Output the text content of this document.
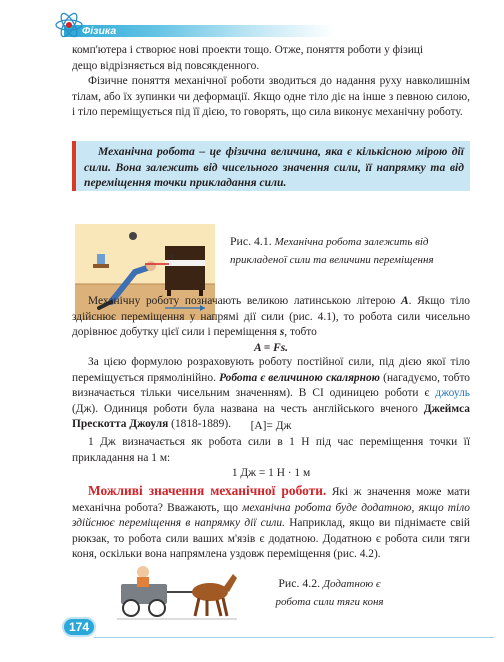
Фізика

комп'ютера і створює нові проекти тощо. Отже, поняття роботи у фізиці

дещо відрізняється від повсякденного.

Фізичне поняття механічної роботи зводиться до надання руху навколишнім тілам, або їх зупинки чи деформації. Якщо одне тіло діє на інше з певною силою, і тіло переміщується під її дією, то говорять, що сила виконує механічну роботу.

Механічна робота – це фізична величина, яка є кількісною мірою дії сили. Вона залежить від чисельного значення сили, її напрямку та від переміщення точки прикладання сили.
F
Рис. 4.1. Механічна робота залежить від прикладеної сили та величини переміщення

Механічну роботу позначають великою латинською літерою A. Якщо тіло здійснює переміщення у напрямі дії сили (рис. 4.1), то робота сили чисельно дорівнює добутку цієї сили і переміщення s, тобто

A = Fs.

За цією формулою розраховують роботу постійної сили, під дією якої тіло переміщується прямолінійно. Робота є величиною скалярною (нагадуємо, тобто визначається тільки чисельним значенням). В СІ одиницею роботи є джоуль (Дж). Одиниця роботи була названа на честь англійського вченого Джеймса Прескотта Джоуля (1818-1889).	[A]= Дж

1 Дж визначається як робота сили в 1 Н під час переміщення точки її прикладання на 1 м:

1 Дж = 1 Н · 1 м

Можливі значення механічної роботи. Які ж значення може мати механічна робота? Вважають, що механічна робота буде додатною, якщо тіло здійснює переміщення в напрямку дії сили. Наприклад, якщо ви піднімаєте свій рюкзак, то робота сили ваших м'язів є додатною. Додатною є робота сили тяги коня, оскільки вона напрямлена уздовж переміщення (рис. 4.2).

Рис. 4.2. Додатною є робота сили тяги коня
174
